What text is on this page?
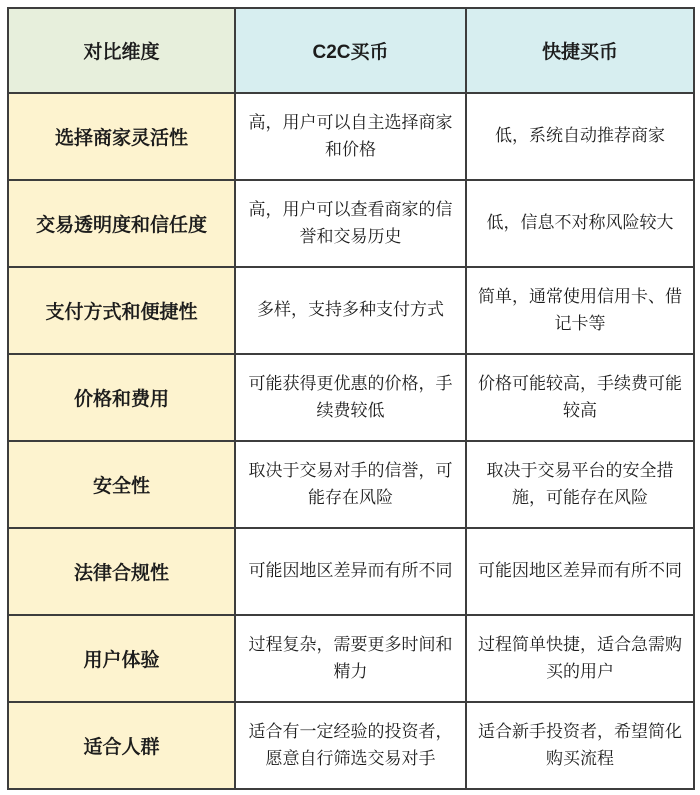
对比维度	C2C买币	快捷买币
选择商家灵活性	高，用户可以自主选择商家和价格	低，系统自动推荐商家
交易透明度和信任度	高，用户可以查看商家的信誉和交易历史	低，信息不对称风险较大
支付方式和便捷性	多样，支持多种支付方式	简单，通常使用信用卡、借记卡等
价格和费用	可能获得更优惠的价格，手续费较低	价格可能较高，手续费可能较高
安全性	取决于交易对手的信誉，可能存在风险	取决于交易平台的安全措施，可能存在风险
法律合规性	可能因地区差异而有所不同	可能因地区差异而有所不同
用户体验	过程复杂，需要更多时间和精力	过程简单快捷，适合急需购买的用户
适合人群	适合有一定经验的投资者，愿意自行筛选交易对手	适合新手投资者，希望简化购买流程
